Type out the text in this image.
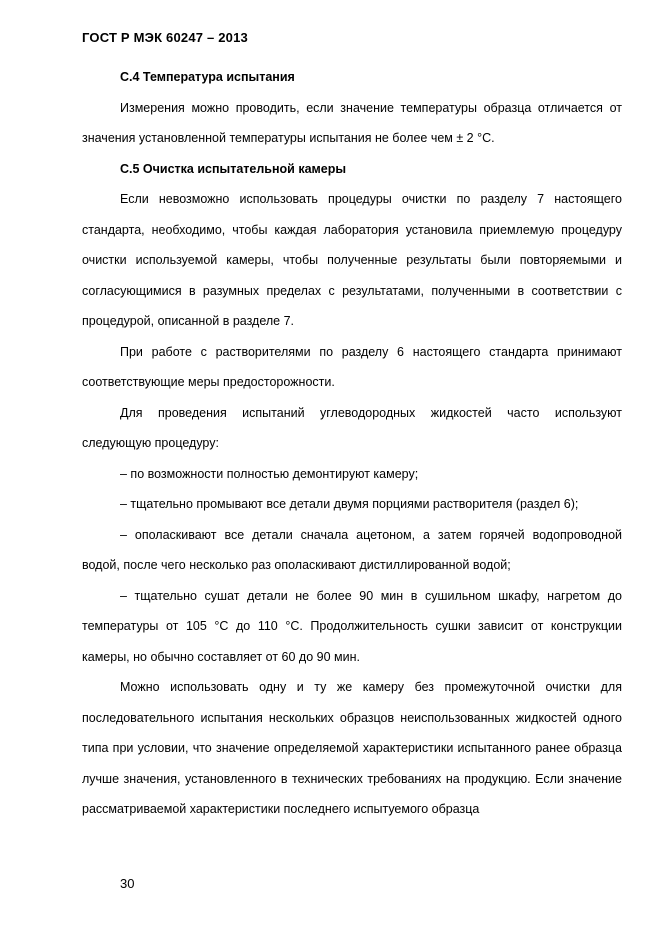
ГОСТ Р МЭК 60247 – 2013

С.4 Температура испытания

Измерения можно проводить, если значение температуры образца отличается от значения установленной температуры испытания не более чем ± 2 °С.

С.5 Очистка испытательной камеры

Если невозможно использовать процедуры очистки по разделу 7 настоящего стандарта, необходимо, чтобы каждая лаборатория установила приемлемую процедуру очистки используемой камеры, чтобы полученные результаты были повторяемыми и согласующимися в разумных пределах с результатами, полученными в соответствии с процедурой, описанной в разделе 7.

При работе с растворителями по разделу 6 настоящего стандарта принимают соответствующие меры предосторожности.

Для проведения испытаний углеводородных жидкостей часто используют следующую процедуру:

– по возможности полностью демонтируют камеру;

– тщательно промывают все детали двумя порциями растворителя (раздел 6);

– ополаскивают все детали сначала ацетоном, а затем горячей водопроводной водой, после чего несколько раз ополаскивают дистиллированной водой;

– тщательно сушат детали не более 90 мин в сушильном шкафу, нагретом до температуры от 105 °С до 110 °С. Продолжительность сушки зависит от конструкции камеры, но обычно составляет от 60 до 90 мин.

Можно использовать одну и ту же камеру без промежуточной очистки для последовательного испытания нескольких образцов неиспользованных жидкостей одного типа при условии, что значение определяемой характеристики испытанного ранее образца лучше значения, установленного в технических требованиях на продукцию. Если значение рассматриваемой характеристики последнего испытуемого образца

30
